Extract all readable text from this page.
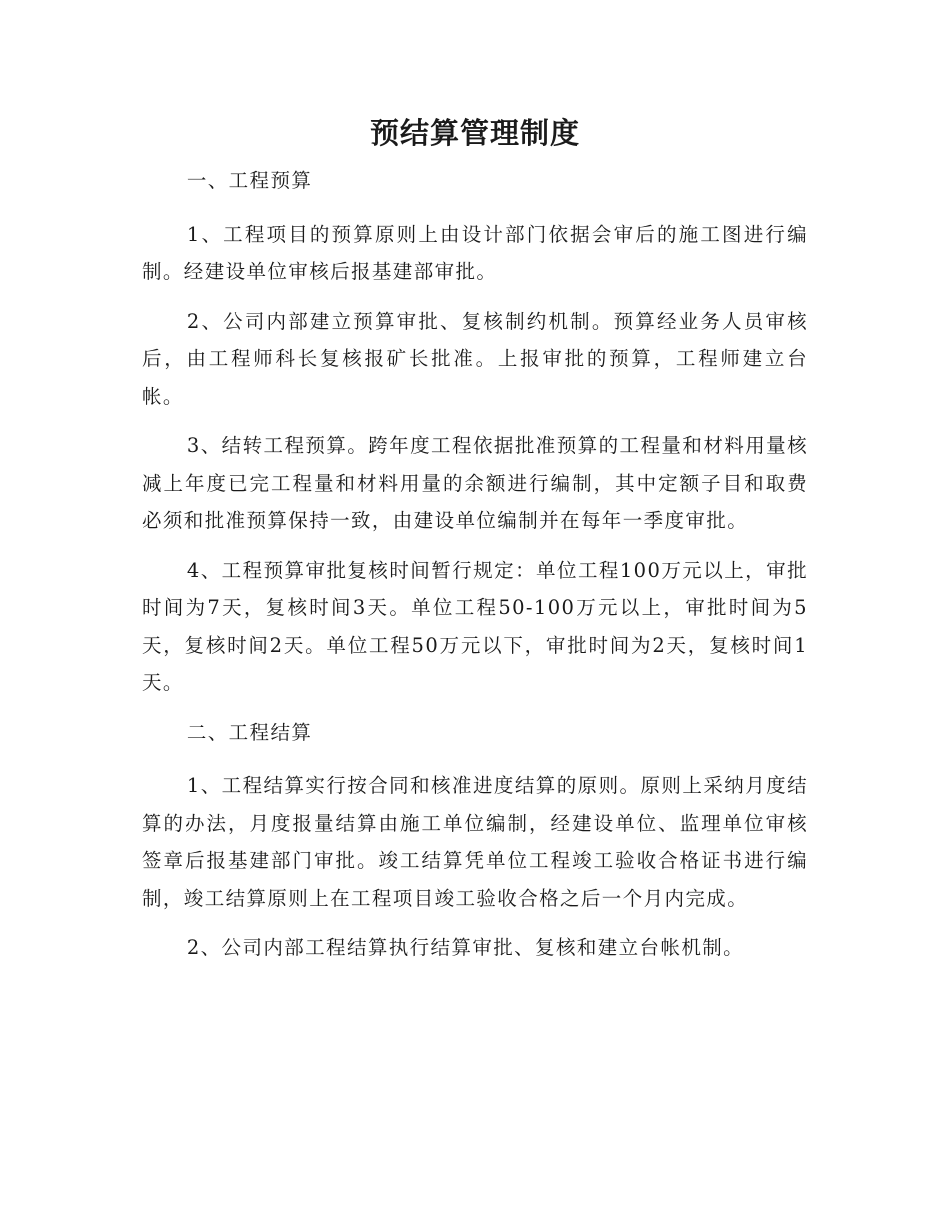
预结算管理制度

一、工程预算

1、工程项目的预算原则上由设计部门依据会审后的施工图进行编制。经建设单位审核后报基建部审批。

2、公司内部建立预算审批、复核制约机制。预算经业务人员审核后，由工程师科长复核报矿长批准。上报审批的预算，工程师建立台帐。

3、结转工程预算。跨年度工程依据批准预算的工程量和材料用量核减上年度已完工程量和材料用量的余额进行编制，其中定额子目和取费必须和批准预算保持一致，由建设单位编制并在每年一季度审批。

4、工程预算审批复核时间暂行规定：单位工程100万元以上，审批时间为7天，复核时间3天。单位工程50-100万元以上，审批时间为5天，复核时间2天。单位工程50万元以下，审批时间为2天，复核时间1天。

二、工程结算

1、工程结算实行按合同和核准进度结算的原则。原则上采纳月度结算的办法，月度报量结算由施工单位编制，经建设单位、监理单位审核签章后报基建部门审批。竣工结算凭单位工程竣工验收合格证书进行编制，竣工结算原则上在工程项目竣工验收合格之后一个月内完成。

2、公司内部工程结算执行结算审批、复核和建立台帐机制。
